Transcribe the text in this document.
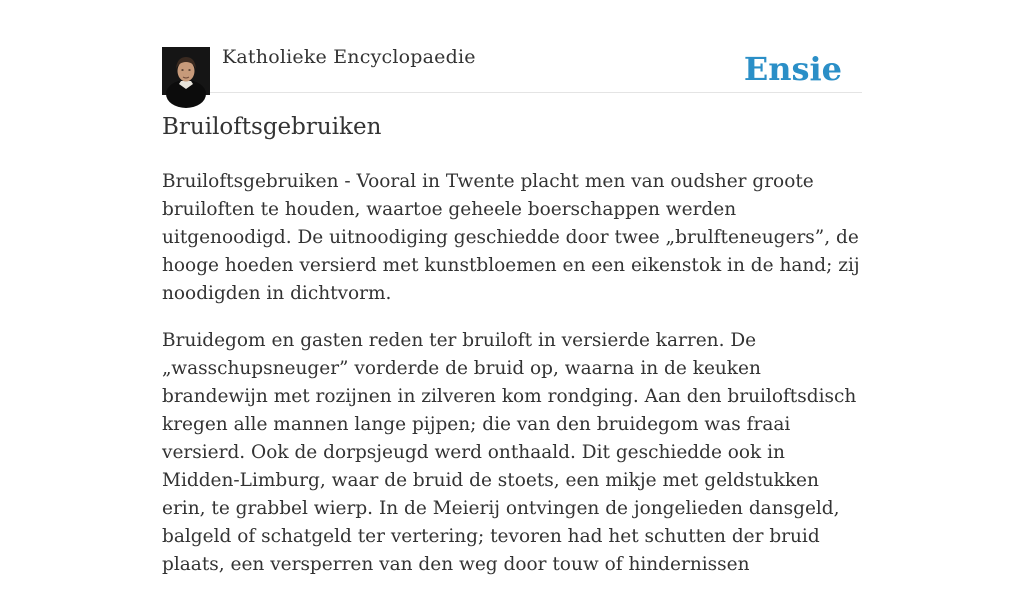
Katholieke Encyclopaedie	Ensie
Bruiloftsgebruiken

Bruiloftsgebruiken - Vooral in Twente placht men van oudsher groote bruiloften te houden, waartoe geheele boerschappen werden uitgenoodigd. De uitnoodiging geschiedde door twee „brulfteneugers”, de hooge hoeden versierd met kunstbloemen en een eikenstok in de hand; zij noodigden in dichtvorm.

Bruidegom en gasten reden ter bruiloft in versierde karren. De „wasschupsneuger” vorderde de bruid op, waarna in de keuken brandewijn met rozijnen in zilveren kom rondging. Aan den bruiloftsdisch kregen alle mannen lange pijpen; die van den bruidegom was fraai versierd. Ook de dorpsjeugd werd onthaald. Dit geschiedde ook in Midden-Limburg, waar de bruid de stoets, een mikje met geldstukken erin, te grabbel wierp. In de Meierij ontvingen de jongelieden dansgeld, balgeld of schatgeld ter vertering; tevoren had het schutten der bruid plaats, een versperren van den weg door touw of hindernissen
